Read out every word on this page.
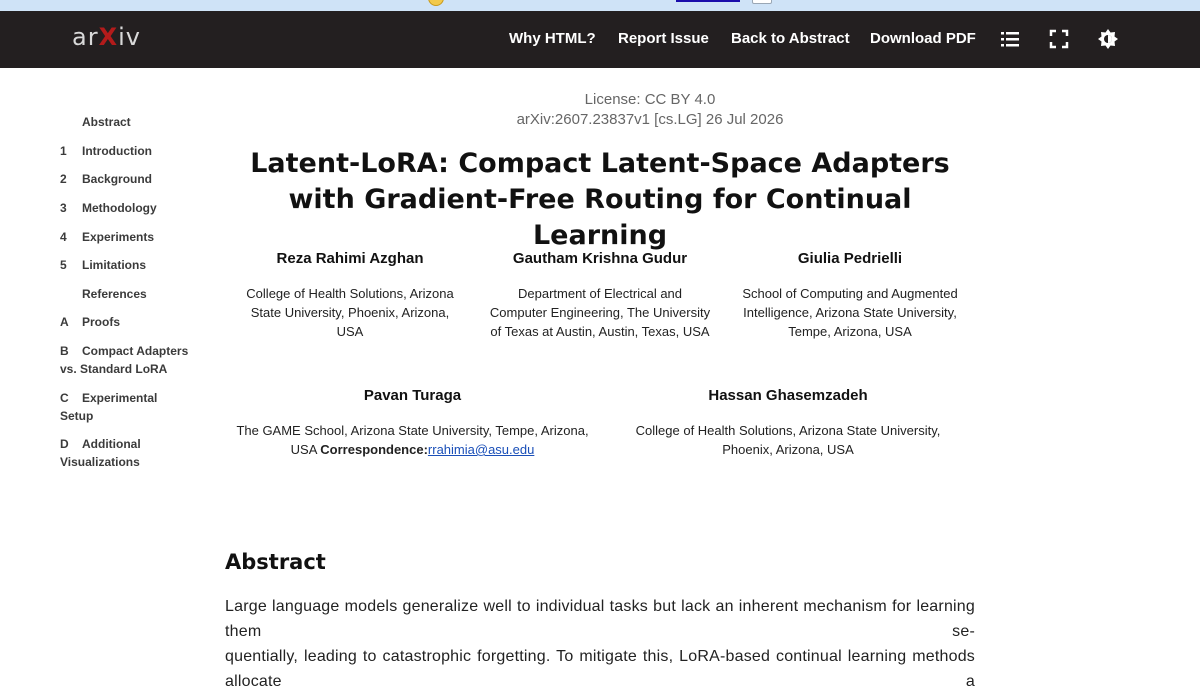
arXiv	Why HTML? Report Issue Back to Abstract Download PDF
Abstract
1 Introduction
2 Background
3 Methodology
4 Experiments
5 Limitations
References
A Proofs
B Compact Adapters
vs. Standard LoRA
C Experimental
Setup
D Additional
Visualizations
License: CC BY 4.0
arXiv:2607.23837v1 [cs.LG] 26 Jul 2026
Latent-LoRA: Compact Latent-Space Adapters
with Gradient-Free Routing for Continual Learning
Reza Rahimi Azghan
College of Health Solutions, Arizona
State University, Phoenix, Arizona,
USA
Gautham Krishna Gudur
Department of Electrical and
Computer Engineering, The University
of Texas at Austin, Austin, Texas, USA
Giulia Pedrielli
School of Computing and Augmented
Intelligence, Arizona State University,
Tempe, Arizona, USA
Pavan Turaga
The GAME School, Arizona State University, Tempe, Arizona,
USA Correspondence:rrahimia@asu.edu
Hassan Ghasemzadeh
College of Health Solutions, Arizona State University,
Phoenix, Arizona, USA
Abstract
Large language models generalize well to individual tasks but lack an inherent mechanism for learning them se-
quentially, leading to catastrophic forgetting. To mitigate this, LoRA-based continual learning methods allocate a
